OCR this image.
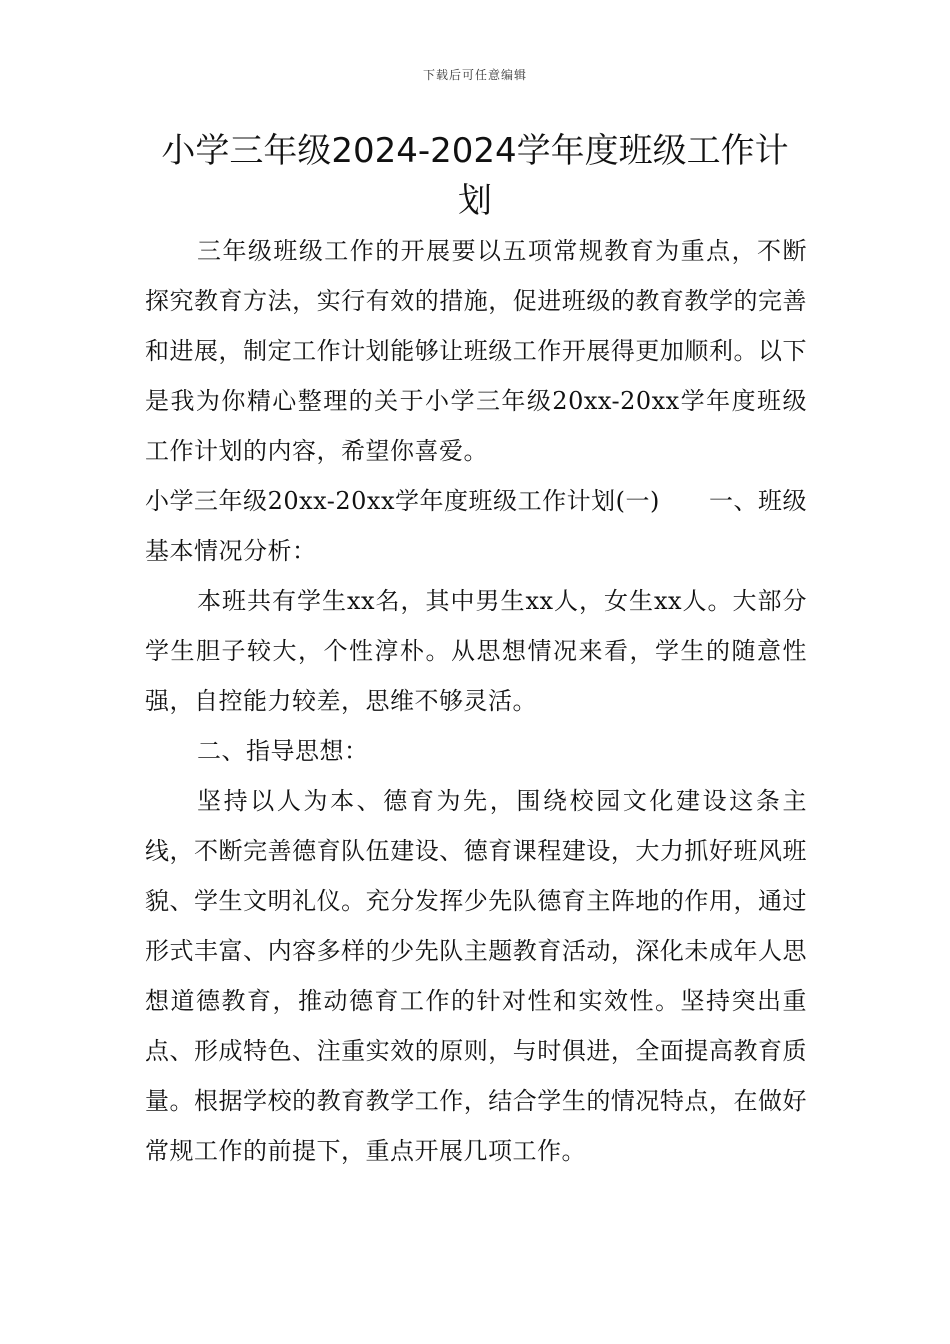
下载后可任意编辑
小学三年级2024-2024学年度班级工作计划

三年级班级工作的开展要以五项常规教育为重点，不断探究教育方法，实行有效的措施，促进班级的教育教学的完善和进展，制定工作计划能够让班级工作开展得更加顺利。以下是我为你精心整理的关于小学三年级20xx-20xx学年度班级工作计划的内容，希望你喜爱。

小学三年级20xx-20xx学年度班级工作计划(一)　　一、班级基本情况分析：

本班共有学生xx名，其中男生xx人，女生xx人。大部分学生胆子较大，个性淳朴。从思想情况来看，学生的随意性强，自控能力较差，思维不够灵活。

二、指导思想：

坚持以人为本、德育为先，围绕校园文化建设这条主线，不断完善德育队伍建设、德育课程建设，大力抓好班风班貌、学生文明礼仪。充分发挥少先队德育主阵地的作用，通过形式丰富、内容多样的少先队主题教育活动，深化未成年人思想道德教育，推动德育工作的针对性和实效性。坚持突出重点、形成特色、注重实效的原则，与时俱进，全面提高教育质量。根据学校的教育教学工作，结合学生的情况特点，在做好常规工作的前提下，重点开展几项工作。
